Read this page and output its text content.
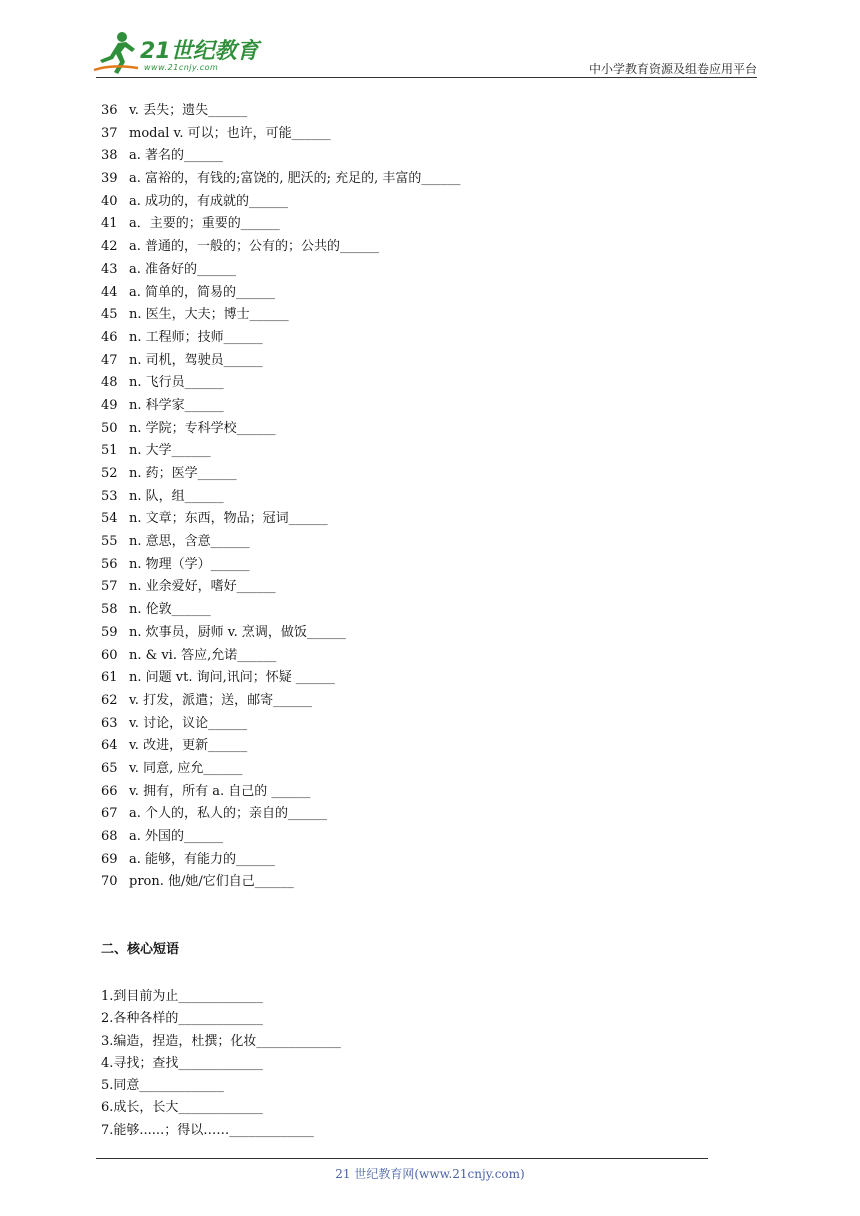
21世纪教育
www.21cnjy.com	中小学教育资源及组卷应用平台
36 v. 丢失；遗失______
37 modal v. 可以；也许，可能______
38 a. 著名的______
39 a. 富裕的，有钱的;富饶的, 肥沃的; 充足的, 丰富的______
40 a. 成功的，有成就的______
41 a．主要的；重要的______
42 a. 普通的，一般的；公有的；公共的______
43 a. 准备好的______
44 a. 简单的，简易的______
45 n. 医生，大夫；博士______
46 n. 工程师；技师______
47 n. 司机，驾驶员______
48 n. 飞行员______
49 n. 科学家______
50 n. 学院；专科学校______
51 n. 大学______
52 n. 药；医学______
53 n. 队，组______
54 n. 文章；东西，物品；冠词______
55 n. 意思，含意______
56 n. 物理（学）______
57 n. 业余爱好，嗜好______
58 n. 伦敦______
59 n. 炊事员，厨师 v. 烹调，做饭______
60 n. & vi. 答应,允诺______
61 n. 问题 vt. 询问,讯问；怀疑 ______
62 v. 打发，派遣；送，邮寄______
63 v. 讨论，议论______
64 v. 改进，更新______
65 v. 同意, 应允______
66 v. 拥有，所有 a. 自己的 ______
67 a. 个人的，私人的；亲自的______
68 a. 外国的______
69 a. 能够，有能力的______
70 pron. 他/她/它们自己______
二、核心短语
1.到目前为止_____________
2.各种各样的_____________
3.编造，捏造，杜撰；化妆_____________
4.寻找；查找_____________
5.同意_____________
6.成长，长大_____________
7.能够......；得以……_____________
21 世纪教育网(www.21cnjy.com)
